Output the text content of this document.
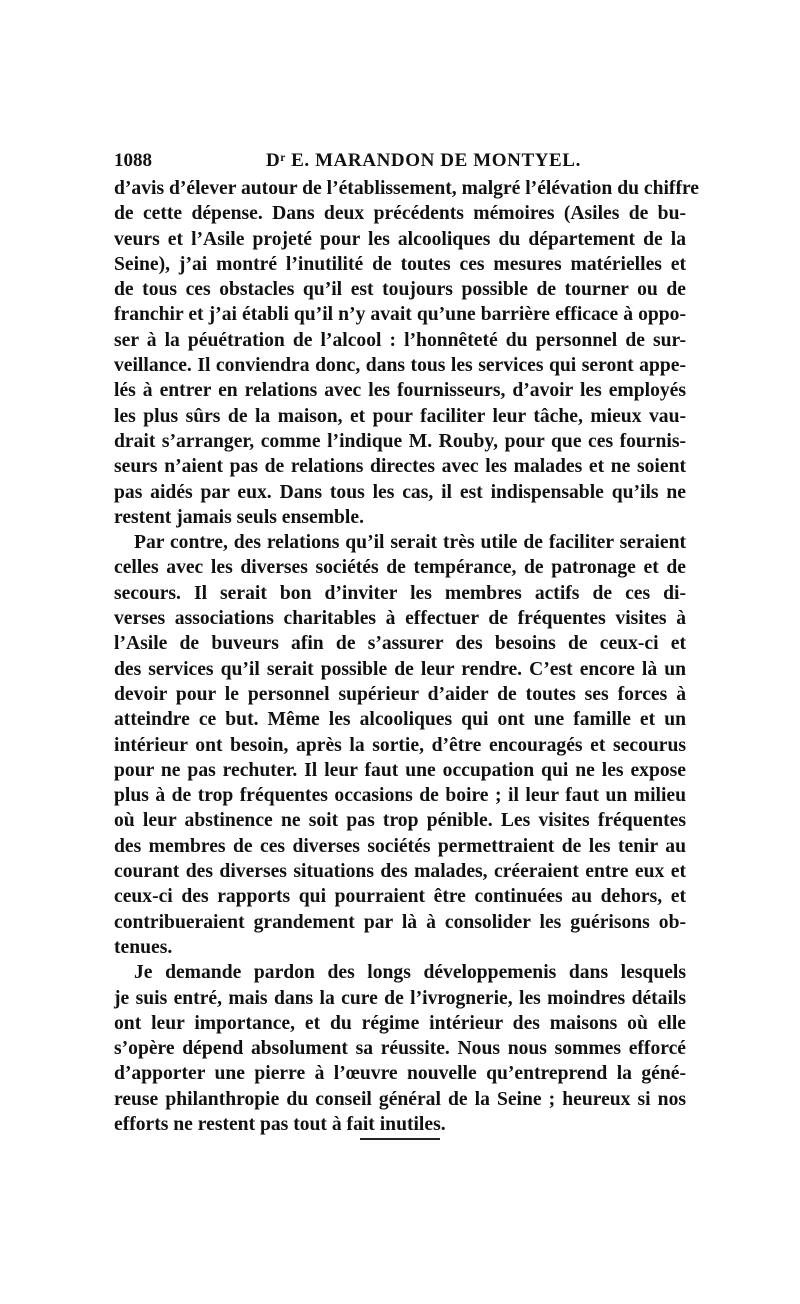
1088	Dʳ E. MARANDON DE MONTYEL.
d’avis d’élever autour de l’établissement, malgré l’élévation du chiffre
de cette dépense. Dans deux précédents mémoires (Asiles de bu-
veurs et l’Asile projeté pour les alcooliques du département de la
Seine), j’ai montré l’inutilité de toutes ces mesures matérielles et
de tous ces obstacles qu’il est toujours possible de tourner ou de
franchir et j’ai établi qu’il n’y avait qu’une barrière efficace à oppo-
ser à la péuétration de l’alcool : l’honnêteté du personnel de sur-
veillance. Il conviendra donc, dans tous les services qui seront appe-
lés à entrer en relations avec les fournisseurs, d’avoir les employés
les plus sûrs de la maison, et pour faciliter leur tâche, mieux vau-
drait s’arranger, comme l’indique M. Rouby, pour que ces fournis-
seurs n’aient pas de relations directes avec les malades et ne soient
pas aidés par eux. Dans tous les cas, il est indispensable qu’ils ne
restent jamais seuls ensemble.
Par contre, des relations qu’il serait très utile de faciliter seraient
celles avec les diverses sociétés de tempérance, de patronage et de
secours. Il serait bon d’inviter les membres actifs de ces di-
verses associations charitables à effectuer de fréquentes visites à
l’Asile de buveurs afin de s’assurer des besoins de ceux-ci et
des services qu’il serait possible de leur rendre. C’est encore là un
devoir pour le personnel supérieur d’aider de toutes ses forces à
atteindre ce but. Même les alcooliques qui ont une famille et un
intérieur ont besoin, après la sortie, d’être encouragés et secourus
pour ne pas rechuter. Il leur faut une occupation qui ne les expose
plus à de trop fréquentes occasions de boire ; il leur faut un milieu
où leur abstinence ne soit pas trop pénible. Les visites fréquentes
des membres de ces diverses sociétés permettraient de les tenir au
courant des diverses situations des malades, créeraient entre eux et
ceux-ci des rapports qui pourraient être continuées au dehors, et
contribueraient grandement par là à consolider les guérisons ob-
tenues.
Je demande pardon des longs développemenis dans lesquels
je suis entré, mais dans la cure de l’ivrognerie, les moindres détails
ont leur importance, et du régime intérieur des maisons où elle
s’opère dépend absolument sa réussite. Nous nous sommes efforcé
d’apporter une pierre à l’œuvre nouvelle qu’entreprend la géné-
reuse philanthropie du conseil général de la Seine ; heureux si nos
efforts ne restent pas tout à fait inutiles.
